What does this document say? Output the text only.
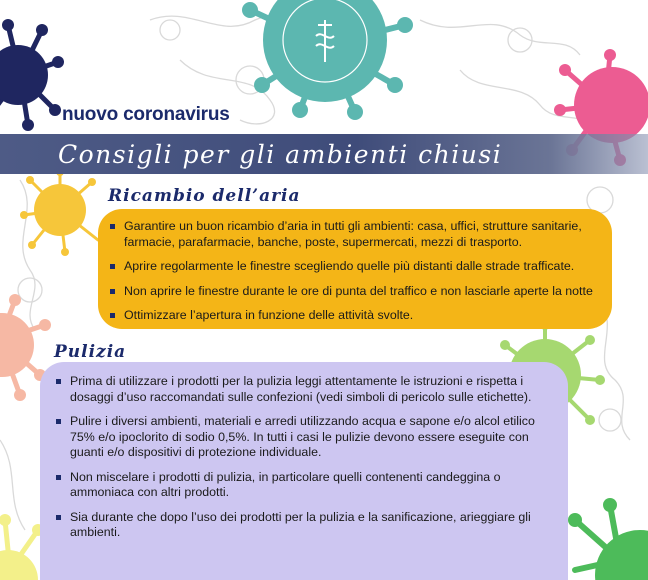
nuovo coronavirus
Consigli per gli ambienti chiusi
Ricambio dell’aria
Garantire un buon ricambio d’aria in tutti gli ambienti: casa, uffici, strutture sanitarie, farmacie, parafarmacie, banche, poste, supermercati, mezzi di trasporto.
Aprire regolarmente le finestre scegliendo quelle più distanti dalle strade trafficate.
Non aprire le finestre durante le ore di punta del traffico e non lasciarle aperte la notte
Ottimizzare l’apertura in funzione delle attività svolte.
Pulizia
Prima di utilizzare i prodotti per la pulizia leggi attentamente le istruzioni e rispetta i dosaggi d’uso raccomandati sulle confezioni (vedi simboli di pericolo sulle etichette).
Pulire i diversi ambienti, materiali e arredi utilizzando acqua e sapone e/o alcol etilico 75% e/o ipoclorito di sodio 0,5%. In tutti i casi le pulizie devono essere eseguite con guanti e/o dispositivi di protezione individuale.
Non miscelare i prodotti di pulizia, in particolare quelli contenenti candeggina o ammoniaca con altri prodotti.
Sia durante che dopo l’uso dei prodotti per la pulizia e la sanificazione, arieggiare gli ambienti.
